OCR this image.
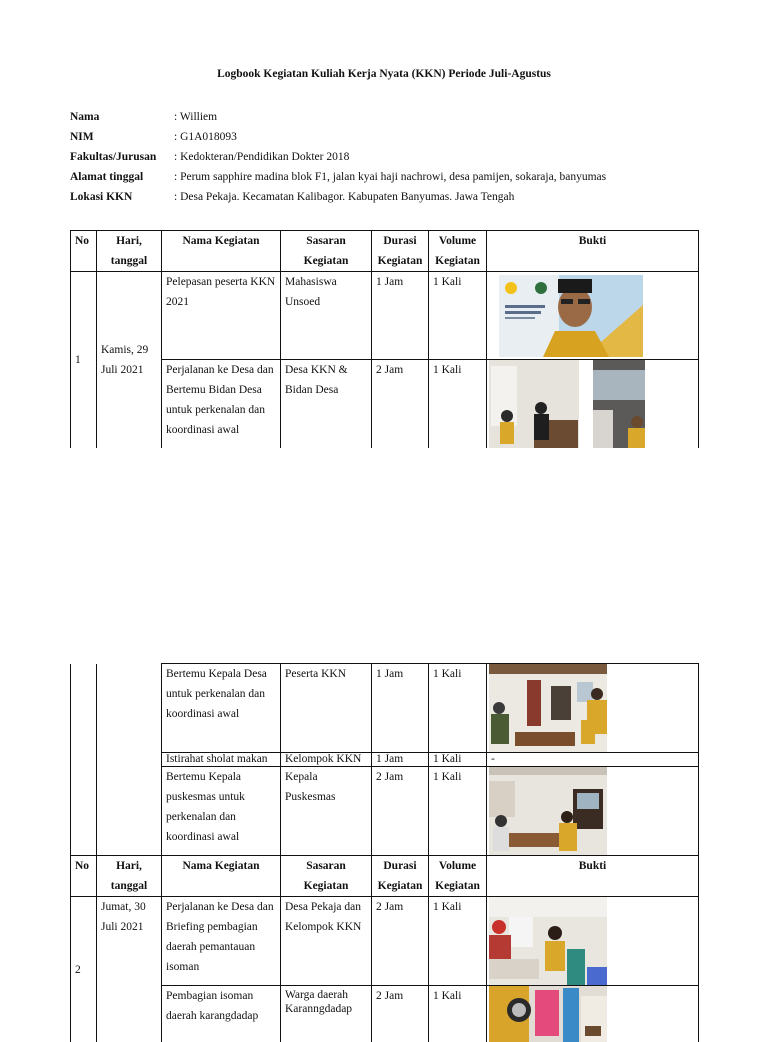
Logbook Kegiatan Kuliah Kerja Nyata (KKN) Periode Juli-Agustus
Nama	: Williem
NIM	: G1A018093
Fakultas/Jurusan	: Kedokteran/Pendidikan Dokter 2018
Alamat tinggal	: Perum sapphire madina blok F1, jalan kyai haji nachrowi, desa pamijen, sokaraja, banyumas
Lokasi KKN	: Desa Pekaja. Kecamatan Kalibagor. Kabupaten Banyumas. Jawa Tengah
No	Hari, tanggal	Nama Kegiatan	Sasaran Kegiatan	Durasi Kegiatan	Volume Kegiatan	Bukti
1	Kamis, 29 Juli 2021	Pelepasan peserta KKN 2021	Mahasiswa Unsoed	1 Jam	1 Kali	

		Perjalanan ke Desa dan Bertemu Bidan Desa untuk perkenalan dan koordinasi awal	Desa KKN & Bidan Desa	2 Jam	1 Kali	
		Bertemu Kepala Desa untuk perkenalan dan koordinasi awal	Peserta KKN	1 Jam	1 Kali	

		Istirahat sholat makan	Kelompok KKN	1 Jam	1 Kali	-
		Bertemu Kepala puskesmas untuk perkenalan dan koordinasi awal	Kepala Puskesmas	2 Jam	1 Kali	

No	Hari, tanggal	Nama Kegiatan	Sasaran Kegiatan	Durasi Kegiatan	Volume Kegiatan	Bukti
2	Jumat, 30 Juli 2021	Perjalanan ke Desa dan Briefing pembagian daerah pemantauan isoman	Desa Pekaja dan Kelompok KKN	2 Jam	1 Kali	

		Pembagian isoman daerah karangdadap	Warga daerah Karanngdadap	2 Jam	1 Kali	
